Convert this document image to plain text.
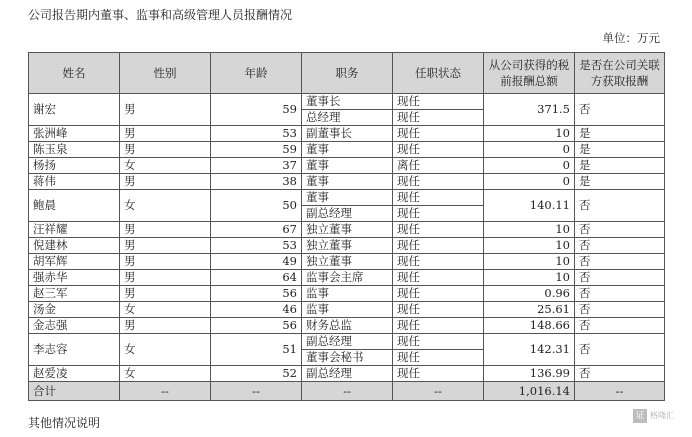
公司报告期内董事、监事和高级管理人员报酬情况
单位：万元
姓名	性别	年龄	职务	任职状态	从公司获得的税前报酬总额	是否在公司关联方获取报酬
谢宏	男	59	董事长	现任	371.5	否
			总经理	现任		
张洲峰	男	53	副董事长	现任	10	是
陈玉泉	男	59	董事	现任	0	是
杨扬	女	37	董事	离任	0	是
蒋伟	男	38	董事	现任	0	是
鲍晨	女	50	董事	现任	140.11	否
			副总经理	现任		
汪祥耀	男	67	独立董事	现任	10	否
倪建林	男	53	独立董事	现任	10	否
胡军辉	男	49	独立董事	现任	10	否
强赤华	男	64	监事会主席	现任	10	否
赵三军	男	56	监事	现任	0.96	否
汤金	女	46	监事	现任	25.61	否
金志强	男	56	财务总监	现任	148.66	否
李志容	女	51	副总经理	现任	142.31	否
			董事会秘书	现任		
赵爱凌	女	52	副总经理	现任	136.99	否
合计	--	--	--	--	1,016.14	--
其他情况说明	证 格隆汇
